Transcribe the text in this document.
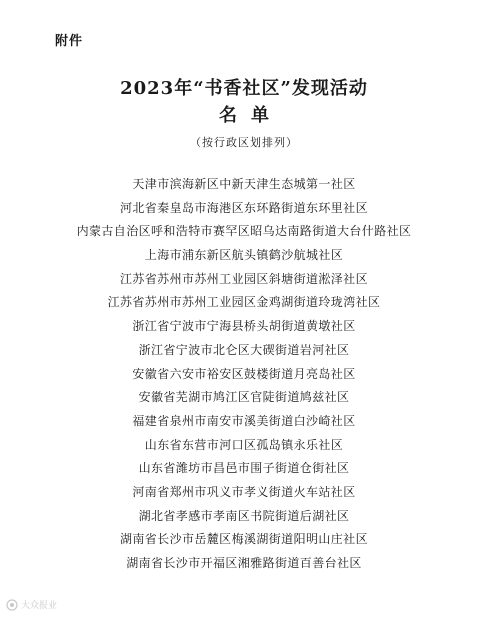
附件
2023年“书香社区”发现活动
名单
（按行政区划排列）
天津市滨海新区中新天津生态城第一社区
河北省秦皇岛市海港区东环路街道东环里社区
内蒙古自治区呼和浩特市赛罕区昭乌达南路街道大台什路社区
上海市浦东新区航头镇鹤沙航城社区
江苏省苏州市苏州工业园区斜塘街道淞泽社区
江苏省苏州市苏州工业园区金鸡湖街道玲珑湾社区
浙江省宁波市宁海县桥头胡街道黄墩社区
浙江省宁波市北仑区大碶街道岩河社区
安徽省六安市裕安区鼓楼街道月亮岛社区
安徽省芜湖市鸠江区官陡街道鸠兹社区
福建省泉州市南安市溪美街道白沙崎社区
山东省东营市河口区孤岛镇永乐社区
山东省潍坊市昌邑市围子街道仓街社区
河南省郑州市巩义市孝义街道火车站社区
湖北省孝感市孝南区书院街道后湖社区
湖南省长沙市岳麓区梅溪湖街道阳明山庄社区
湖南省长沙市开福区湘雅路街道百善台社区
大众报业
